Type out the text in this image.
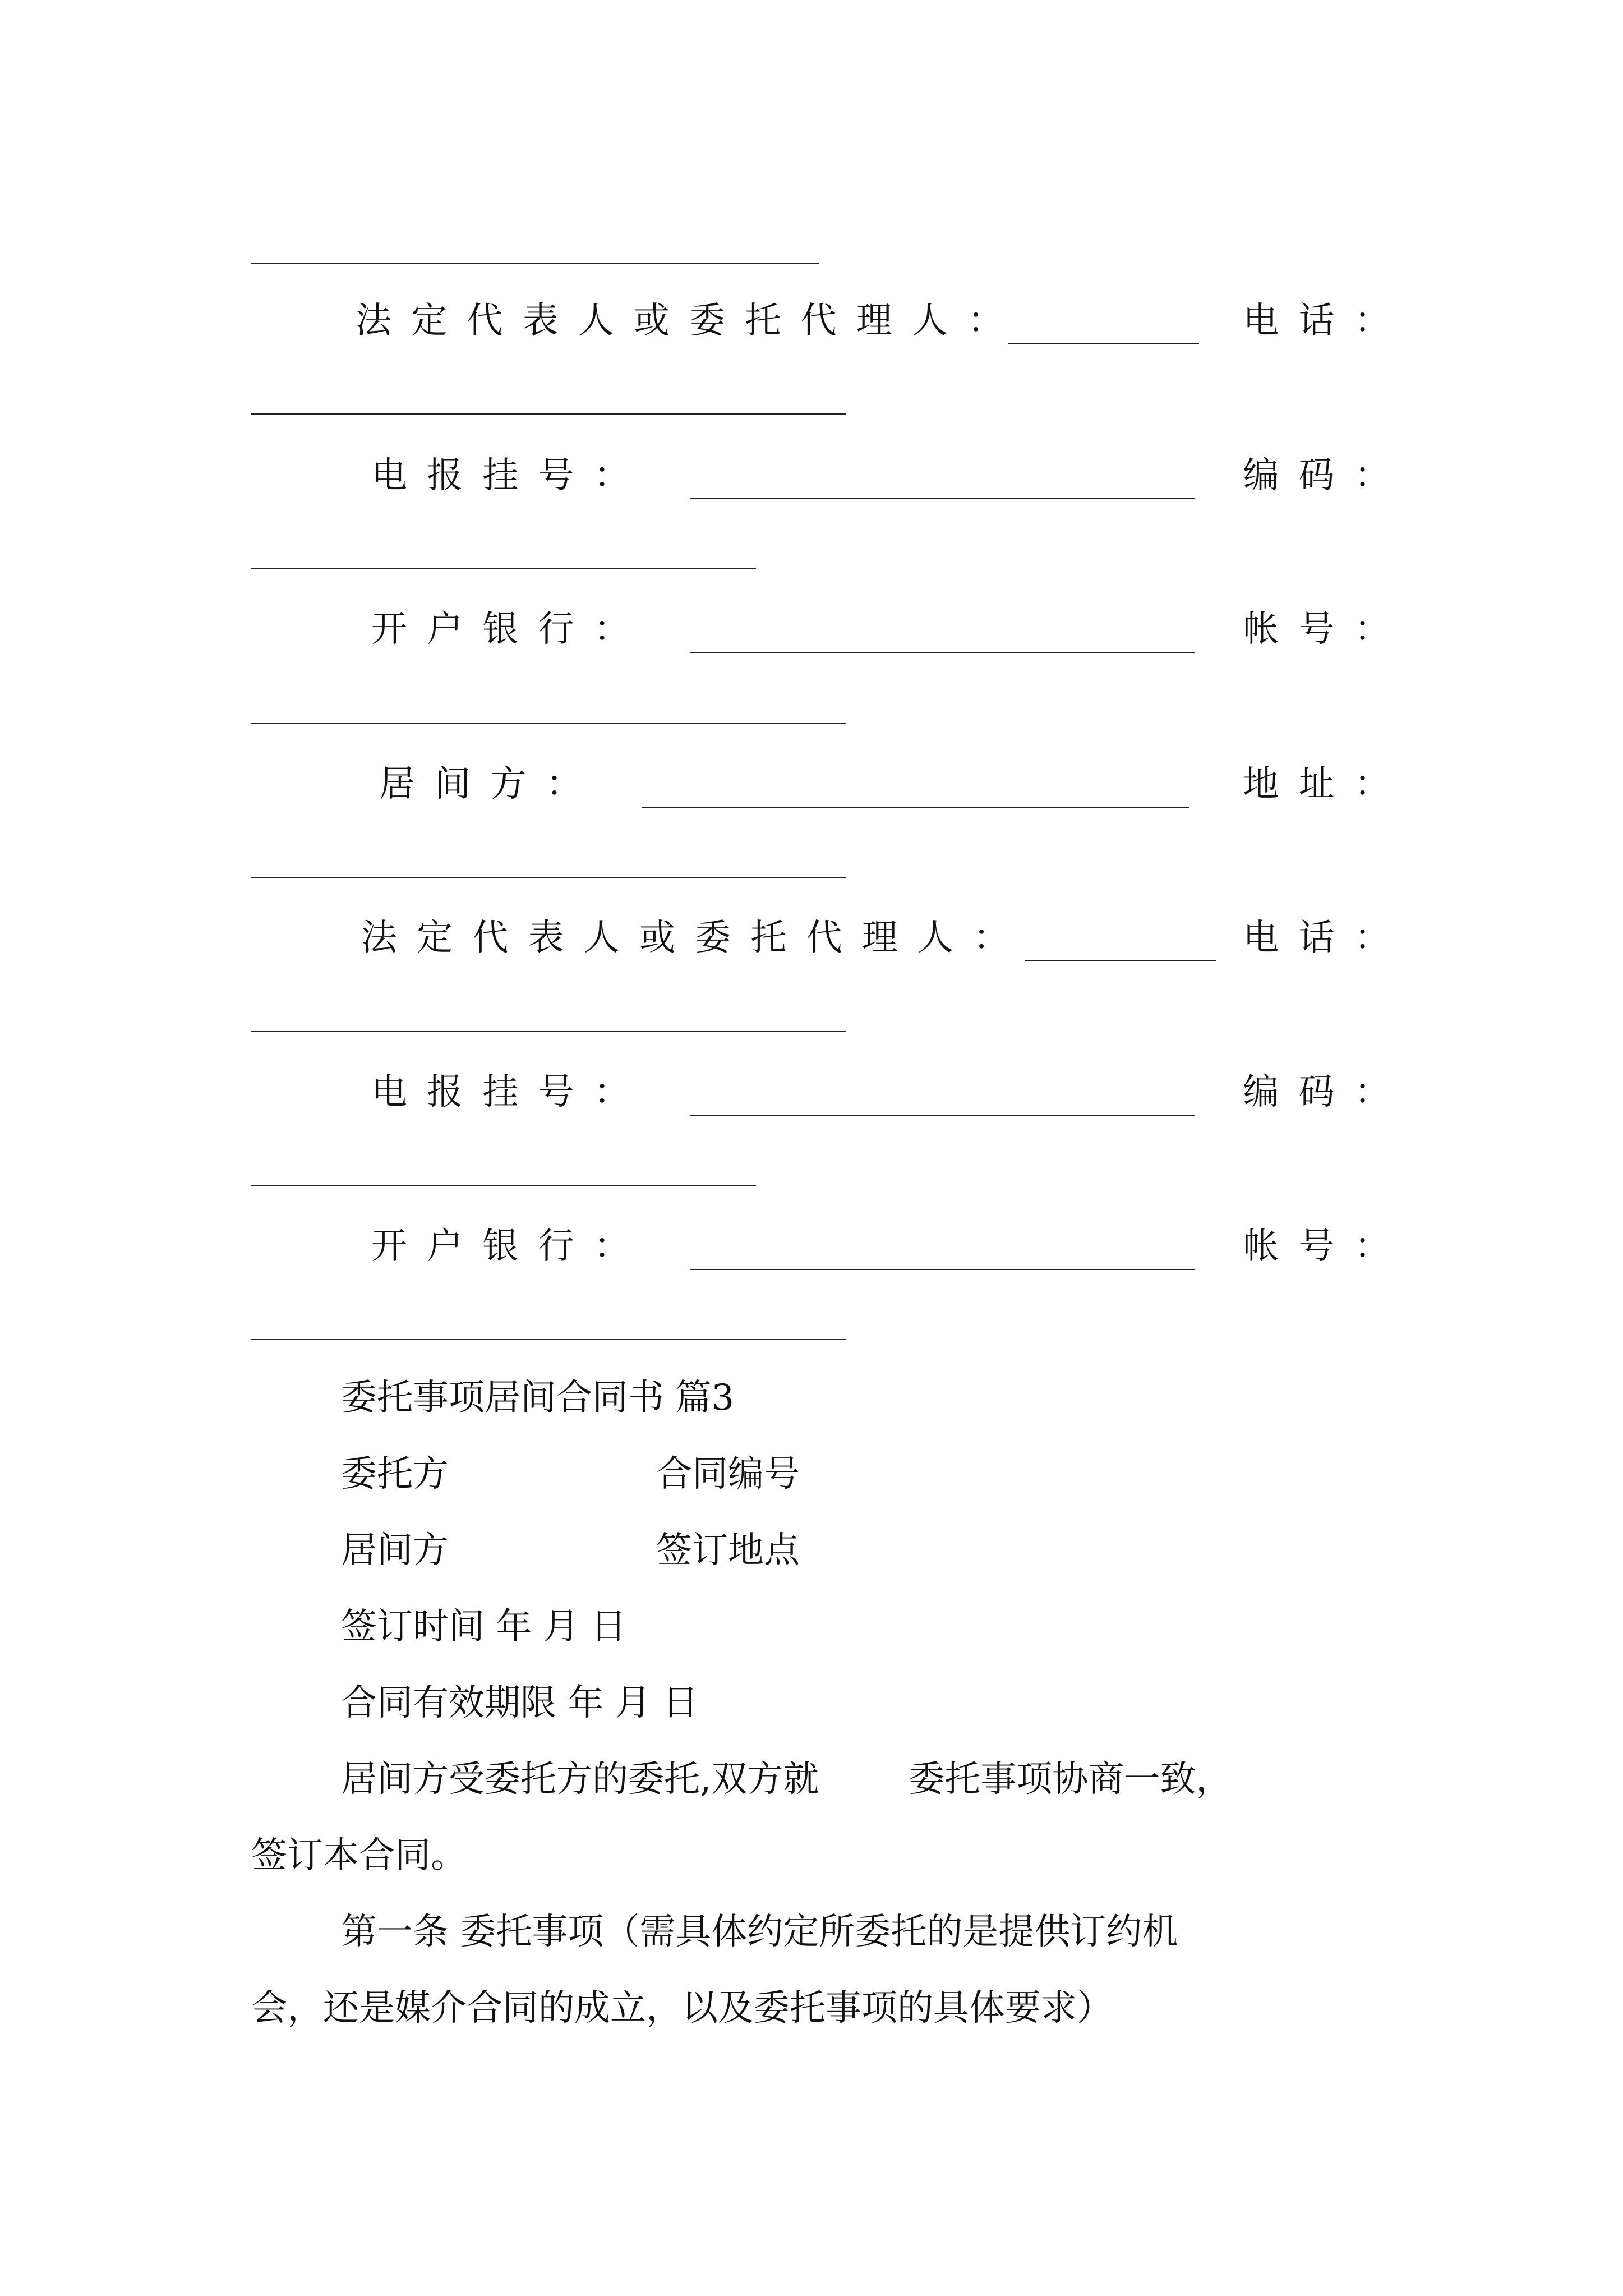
法定代表人或委托代理人：	电话：
电报挂号：	编码：
开户银行：	帐号：
居间方：	地址：
法定代表人或委托代理人：	电话：
电报挂号：	编码：
开户银行：	帐号：
委托事项居间合同书 篇3
委托方	合同编号
居间方	签订地点
签订时间 年 月 日
合同有效期限 年 月 日
居间方受委托方的委托,双方就	委托事项协商一致，
签订本合同。
第一条 委托事项（需具体约定所委托的是提供订约机
会，还是媒介合同的成立，以及委托事项的具体要求）
